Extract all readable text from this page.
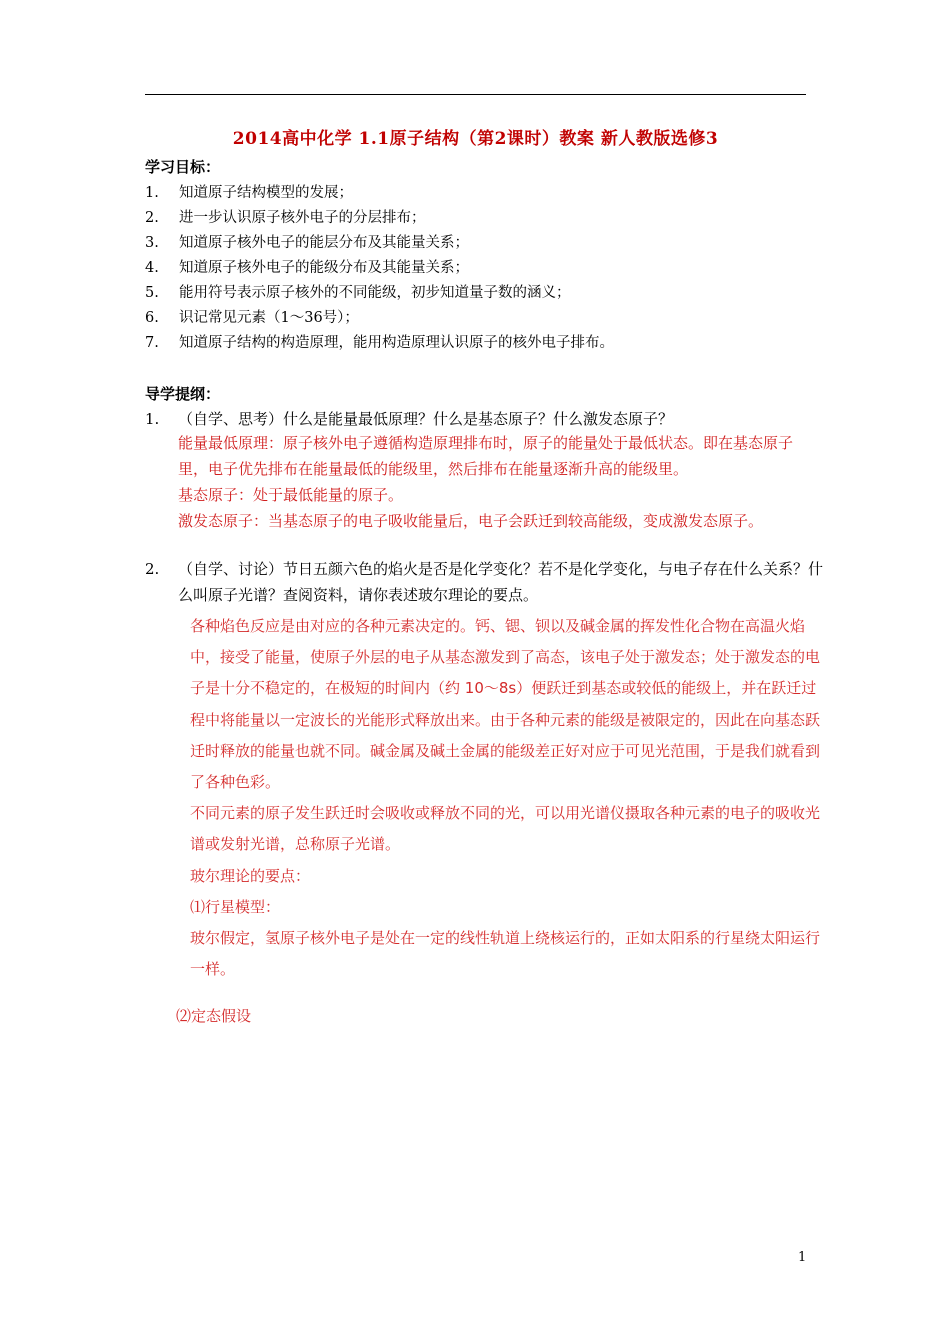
2014高中化学 1.1原子结构（第2课时）教案 新人教版选修3
学习目标：
1. 知道原子结构模型的发展；
2. 进一步认识原子核外电子的分层排布；
3. 知道原子核外电子的能层分布及其能量关系；
4. 知道原子核外电子的能级分布及其能量关系；
5. 能用符号表示原子核外的不同能级，初步知道量子数的涵义；
6. 识记常见元素（1～36号）；
7. 知道原子结构的构造原理，能用构造原理认识原子的核外电子排布。
导学提纲：
1. （自学、思考）什么是能量最低原理？什么是基态原子？什么激发态原子？

能量最低原理：原子核外电子遵循构造原理排布时，原子的能量处于最低状态。即在基态原子里，电子优先排布在能量最低的能级里，然后排布在能量逐渐升高的能级里。

基态原子：处于最低能量的原子。

激发态原子：当基态原子的电子吸收能量后，电子会跃迁到较高能级，变成激发态原子。

2. （自学、讨论）节日五颜六色的焰火是否是化学变化？若不是化学变化，与电子存在什么关系？什么叫原子光谱？查阅资料，请你表述玻尔理论的要点。

各种焰色反应是由对应的各种元素决定的。钙、锶、钡以及碱金属的挥发性化合物在高温火焰中，接受了能量，使原子外层的电子从基态激发到了高态，该电子处于激发态；处于激发态的电子是十分不稳定的，在极短的时间内（约 10～8s）便跃迁到基态或较低的能级上，并在跃迁过程中将能量以一定波长的光能形式释放出来。由于各种元素的能级是被限定的，因此在向基态跃迁时释放的能量也就不同。碱金属及碱土金属的能级差正好对应于可见光范围，于是我们就看到了各种色彩。

不同元素的原子发生跃迁时会吸收或释放不同的光，可以用光谱仪摄取各种元素的电子的吸收光谱或发射光谱，总称原子光谱。

玻尔理论的要点：

⑴行星模型：

玻尔假定，氢原子核外电子是处在一定的线性轨道上绕核运行的，正如太阳系的行星绕太阳运行一样。

⑵定态假设
1
